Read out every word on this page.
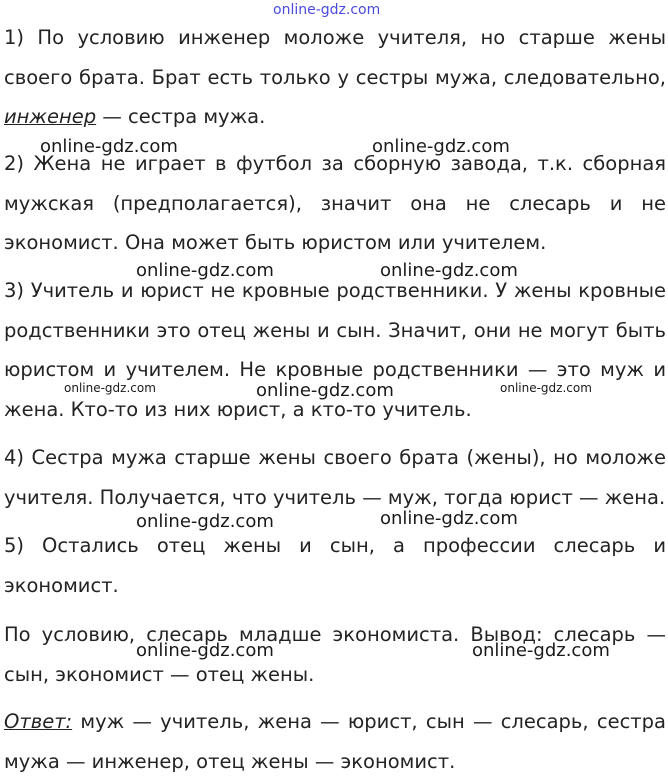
online-gdz.com
1) По условию инженер моложе учителя, но старше жены
своего брата. Брат есть только у сестры мужа, следовательно,
инженер — сестра мужа.
online-gdz.com	online-gdz.com
2) Жена не играет в футбол за сборную завода, т.к. сборная
мужская (предполагается), значит она не слесарь и не
экономист. Она может быть юристом или учителем.
online-gdz.com	online-gdz.com
3) Учитель и юрист не кровные родственники. У жены кровные
родственники это отец жены и сын. Значит, они не могут быть
юристом и учителем. Не кровные родственники — это муж и
жена. Кто-то из них юрист, а кто-то учитель.
online-gdz.com	online-gdz.com	online-gdz.com
4) Сестра мужа старше жены своего брата (жены), но моложе
учителя. Получается, что учитель — муж, тогда юрист — жена.
online-gdz.com	online-gdz.com
5) Остались отец жены и сын, а профессии слесарь и
экономист.
По условию, слесарь младше экономиста. Вывод: слесарь —
сын, экономист — отец жены.
online-gdz.com	online-gdz.com
Ответ: муж — учитель, жена — юрист, сын — слесарь, сестра
мужа — инженер, отец жены — экономист.
